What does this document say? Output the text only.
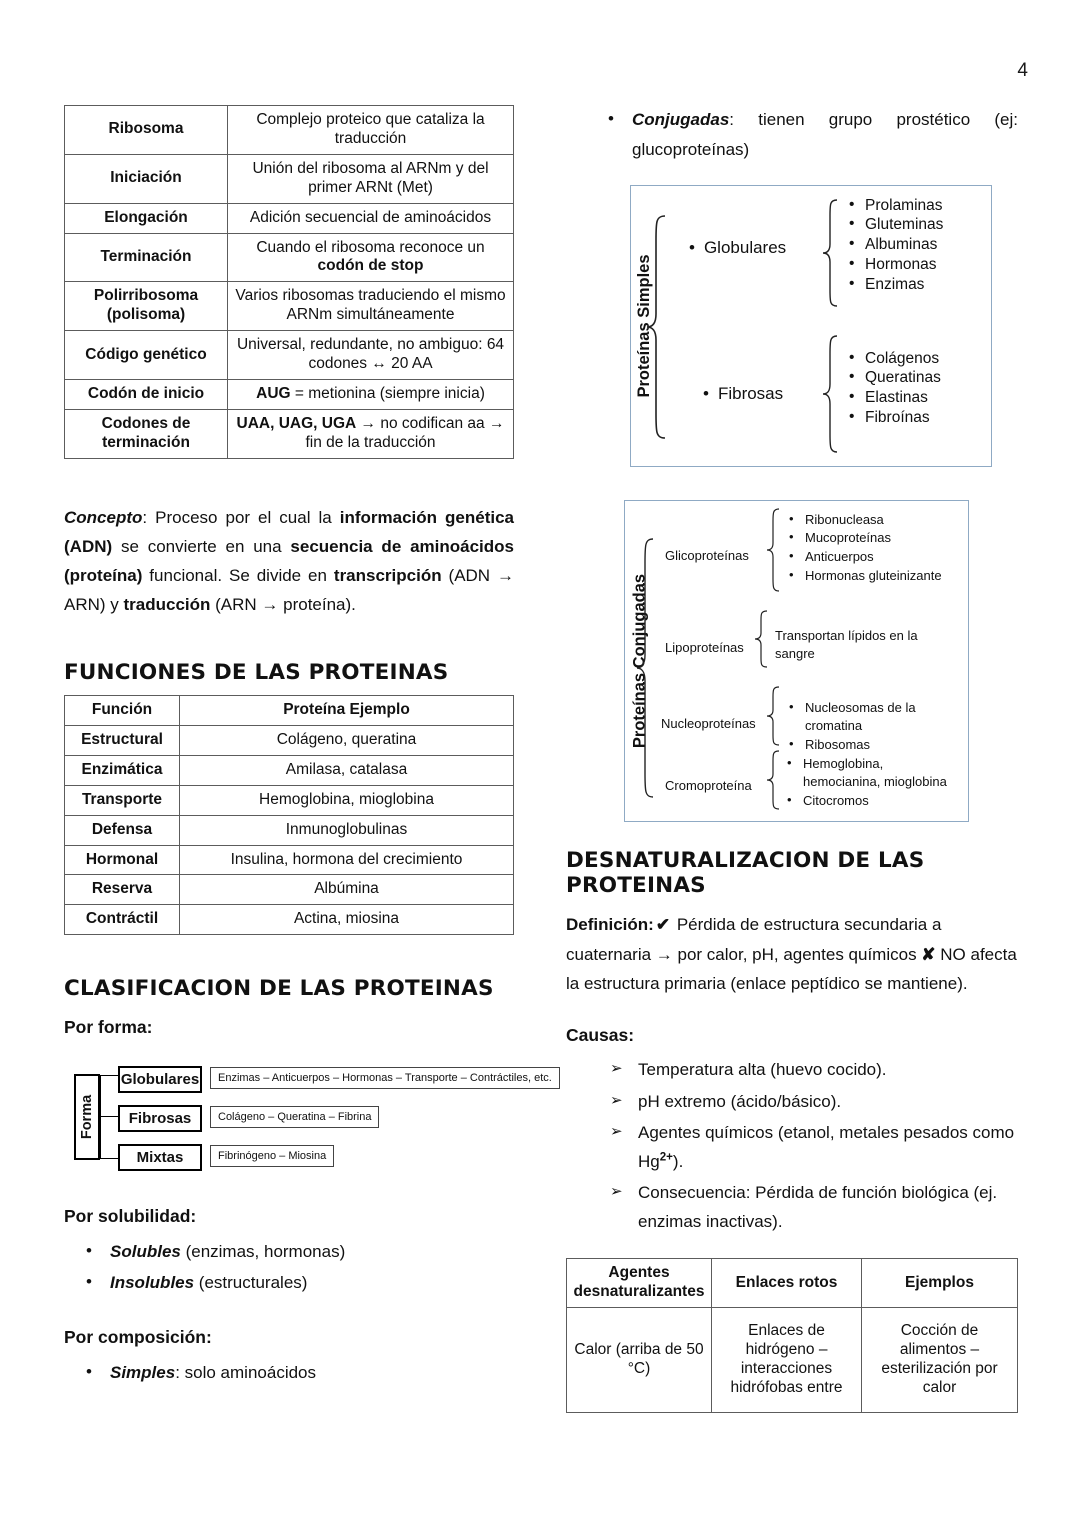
4
Ribosoma	Complejo proteico que cataliza la traducción
Iniciación	Unión del ribosoma al ARNm y del primer ARNt (Met)
Elongación	Adición secuencial de aminoácidos
Terminación	Cuando el ribosoma reconoce un codón de stop
Polirribosoma (polisoma)	Varios ribosomas traduciendo el mismo ARNm simultáneamente
Código genético	Universal, redundante, no ambiguo: 64 codones ↔ 20 AA
Codón de inicio	AUG = metionina (siempre inicia)
Codones de terminación	UAA, UAG, UGA → no codifican aa → fin de la traducción

Concepto: Proceso por el cual la información genética (ADN) se convierte en una secuencia de aminoácidos (proteína) funcional. Se divide en transcripción (ADN → ARN) y traducción (ARN → proteína).

FUNCIONES DE LAS PROTEINAS
Función	Proteína Ejemplo
Estructural	Colágeno, queratina
Enzimática	Amilasa, catalasa
Transporte	Hemoglobina, mioglobina
Defensa	Inmunoglobulinas
Hormonal	Insulina, hormona del crecimiento
Reserva	Albúmina
Contráctil	Actina, miosina
CLASIFICACION DE LAS PROTEINAS

Por forma:

Forma
Globulares
Fibrosas
Mixtas
Enzimas – Anticuerpos – Hormonas – Transporte – Contráctiles, etc.
Colágeno – Queratina – Fibrina
Fibrinógeno – Miosina

Por solubilidad:

• Solubles (enzimas, hormonas)
• Insolubles (estructurales)

Por composición:

• Simples: solo aminoácidos
• Conjugadas: tienen grupo prostético (ej: glucoproteínas)
Proteínas Simples
• Globulares
• Prolaminas
• Gluteminas
• Albuminas
• Hormonas
• Enzimas
• Fibrosas
• Colágenos
• Queratinas
• Elastinas
• Fibroínas
Proteínas Conjugadas
Glicoproteínas
• Ribonucleasa
• Mucoproteínas
• Anticuerpos
• Hormonas gluteinizante
Lipoproteínas
Transportan lípidos en la sangre
Nucleoproteínas
• Nucleosomas de la cromatina
• Ribosomas
Cromoproteína
• Hemoglobina, hemocianina, mioglobina
• Citocromos
DESNATURALIZACION DE LAS PROTEINAS

Definición: ✔ Pérdida de estructura secundaria a cuaternaria → por calor, pH, agentes químicos ✘ NO afecta la estructura primaria (enlace peptídico se mantiene).

Causas:

➢ Temperatura alta (huevo cocido).
➢ pH extremo (ácido/básico).
➢ Agentes químicos (etanol, metales pesados como $Hg^{2+}$).
➢ Consecuencia: Pérdida de función biológica (ej. enzimas inactivas).
Agentes desnaturalizantes	Enlaces rotos	Ejemplos
Calor (arriba de 50 °C)	Enlaces de hidrógeno – interacciones hidrófobas entre	Cocción de alimentos – esterilización por calor
